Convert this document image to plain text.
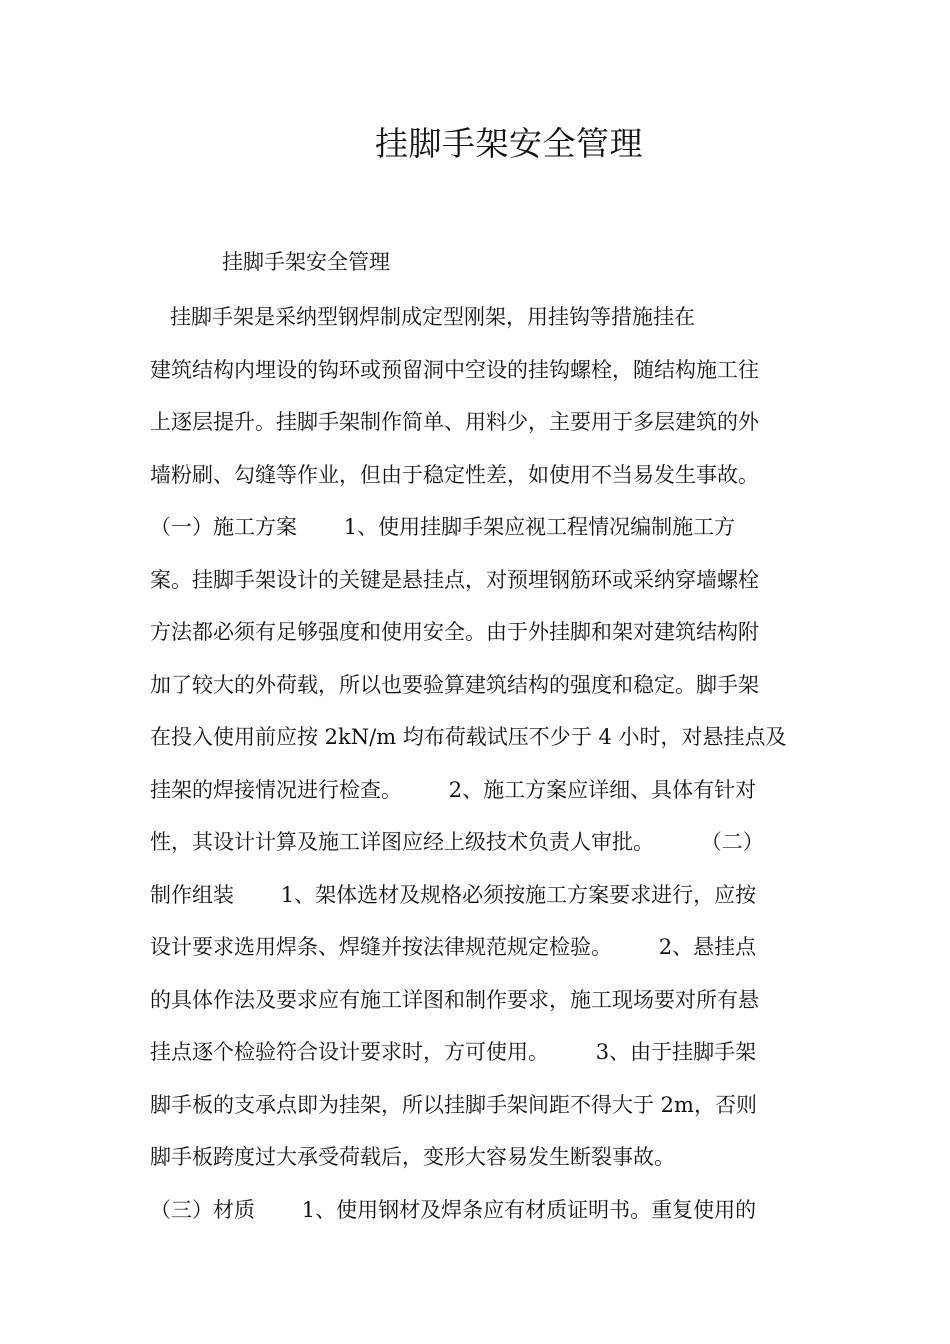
挂脚手架安全管理

挂脚手架安全管理

挂脚手架是采纳型钢焊制成定型刚架，用挂钩等措施挂在
建筑结构内埋设的钩环或预留洞中空设的挂钩螺栓，随结构施工往
上逐层提升。挂脚手架制作简单、用料少，主要用于多层建筑的外
墙粉刷、勾缝等作业，但由于稳定性差，如使用不当易发生事故。
（一）施工方案       1、使用挂脚手架应视工程情况编制施工方
案。挂脚手架设计的关键是悬挂点，对预埋钢筋环或采纳穿墙螺栓
方法都必须有足够强度和使用安全。由于外挂脚和架对建筑结构附
加了较大的外荷载，所以也要验算建筑结构的强度和稳定。脚手架
在投入使用前应按 2kN/m 均布荷载试压不少于 4 小时，对悬挂点及
挂架的焊接情况进行检查。       2、施工方案应详细、具体有针对
性，其设计计算及施工详图应经上级技术负责人审批。       （二）
制作组装       1、架体选材及规格必须按施工方案要求进行，应按
设计要求选用焊条、焊缝并按法律规范规定检验。       2、悬挂点
的具体作法及要求应有施工详图和制作要求，施工现场要对所有悬
挂点逐个检验符合设计要求时，方可使用。       3、由于挂脚手架
脚手板的支承点即为挂架，所以挂脚手架间距不得大于 2m，否则
脚手板跨度过大承受荷载后，变形大容易发生断裂事故。
（三）材质       1、使用钢材及焊条应有材质证明书。重复使用的
